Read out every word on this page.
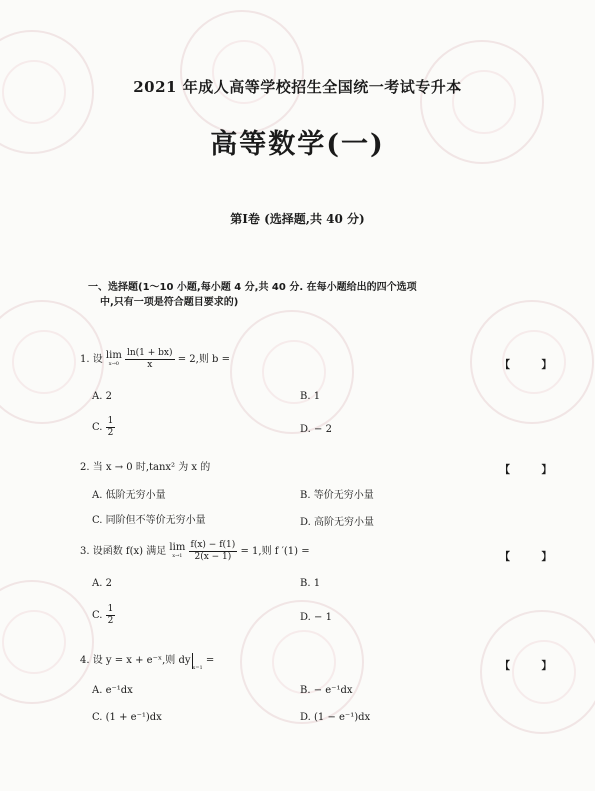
2021 年成人高等学校招生全国统一考试专升本
高等数学(一)
第Ⅰ卷 (选择题,共 40 分)
一、选择题(1～10 小题,每小题 4 分,共 40 分. 在每小题给出的四个选项
中,只有一项是符合题目要求的)
1. 设 lim
x→0
$\frac{\ln(1 + bx)}{x} = 2$,则 b =
【 】
A. 2	B. 1
C. $\frac{1}{2}$	D. − 2
2. 当 x → 0 时,tanx² 为 x 的	【 】
A. 低阶无穷小量	B. 等价无穷小量
C. 同阶但不等价无穷小量	D. 高阶无穷小量
3. 设函数 f(x) 满足 lim
x→1
$\frac{f(x) - f(1)}{2(x - 1)} = 1$,则 f ′(1) =
【 】
A. 2	B. 1
C. $\frac{1}{2}$	D. − 1
4. 设 y = x + e⁻ˣ,则 $dy_{x=1}$ =
【 】
A. e⁻¹dx	B. − e⁻¹dx
C. (1 + e⁻¹)dx	D. (1 − e⁻¹)dx
